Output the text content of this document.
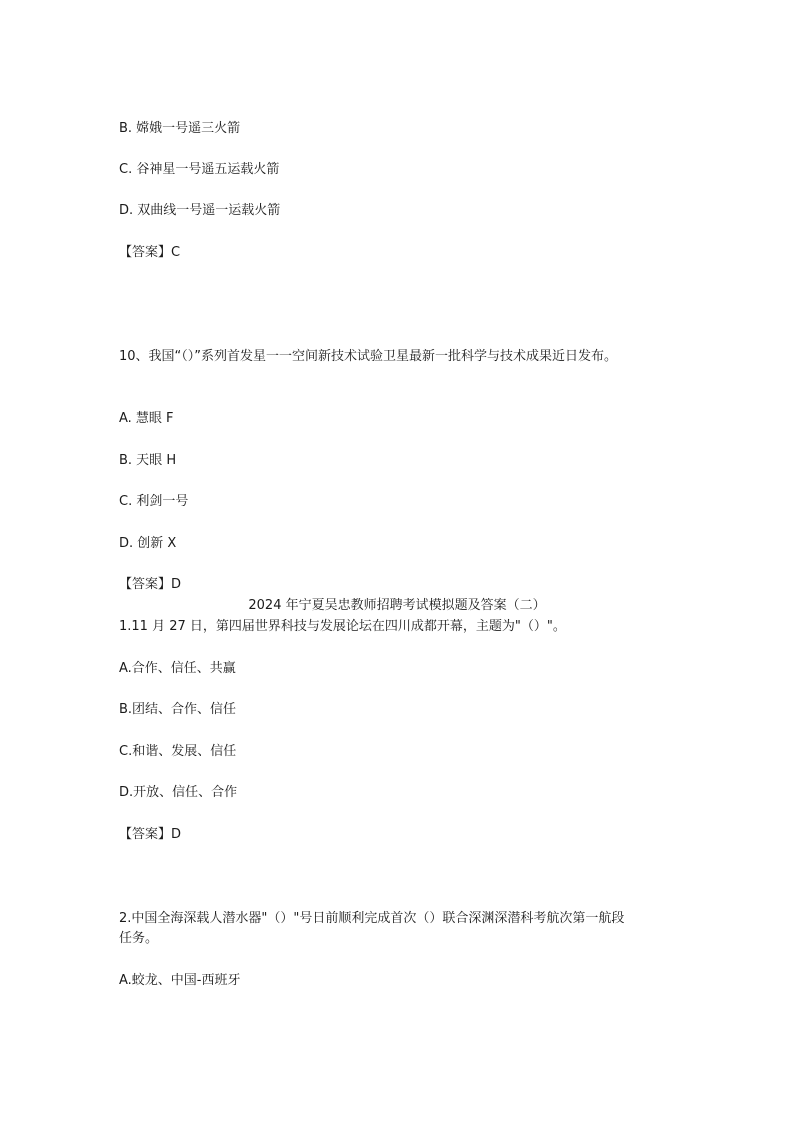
B. 嫦娥一号遥三火箭
C. 谷神星一号遥五运载火箭
D. 双曲线一号遥一运载火箭
【答案】C
10、我国“（）”系列首发星一一空间新技术试验卫星最新一批科学与技术成果近日发布。
A. 慧眼 F
B. 天眼 H
C. 利剑一号
D. 创新 X
【答案】D
2024 年宁夏吴忠教师招聘考试模拟题及答案（二）
1.11 月 27 日，第四届世界科技与发展论坛在四川成都开幕，主题为"（）"。
A.合作、信任、共赢
B.团结、合作、信任
C.和谐、发展、信任
D.开放、信任、合作
【答案】D
2.中国全海深载人潜水器"（）"号日前顺利完成首次（）联合深渊深潜科考航次第一航段
任务。
A.蛟龙、中国-西班牙
